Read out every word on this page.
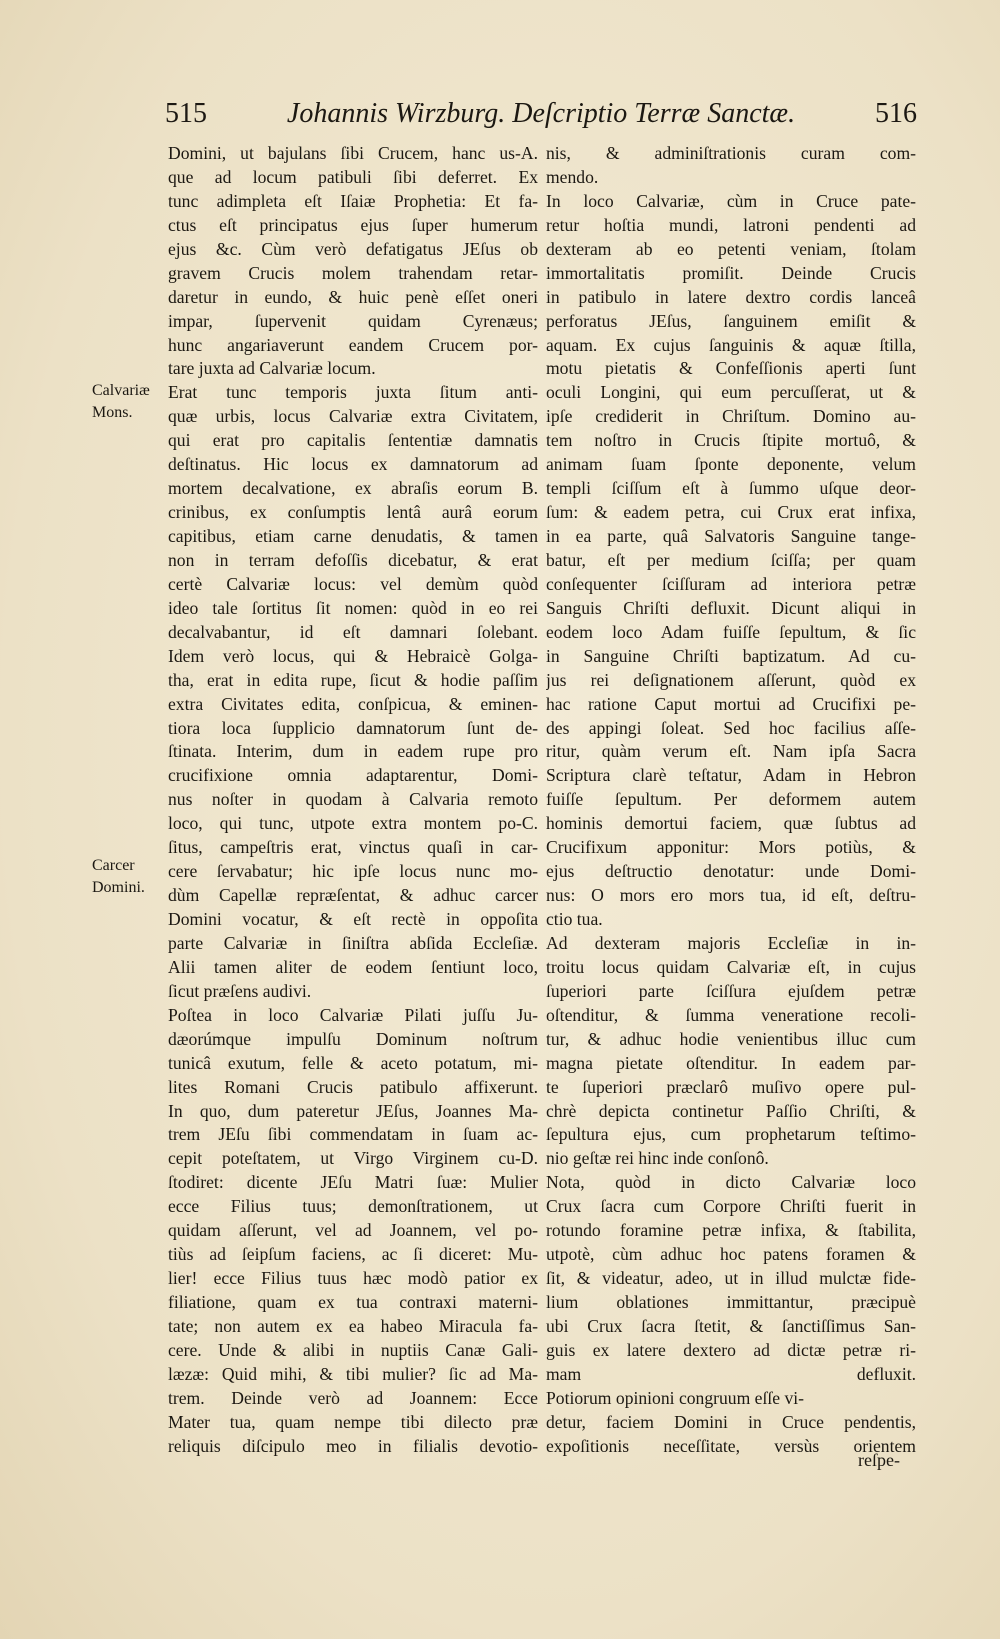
515	Johannis Wirzburg. Deſcriptio Terræ Sanctæ.	516
Calvariæ Mons.
Carcer Domini.
Domini, ut bajulans ſibi Crucem, hanc us-A.
que ad locum patibuli ſibi deferret. Ex
tunc adimpleta eſt Iſaiæ Prophetia: Et fa-
ctus eſt principatus ejus ſuper humerum
ejus &c. Cùm verò defatigatus JEſus ob
gravem Crucis molem trahendam retar-
daretur in eundo, & huic penè eſſet oneri
impar, ſupervenit quidam Cyrenæus;
hunc angariaverunt eandem Crucem por-
tare juxta ad Calvariæ locum.
Erat tunc temporis juxta ſitum anti-
quæ urbis, locus Calvariæ extra Civitatem,
qui erat pro capitalis ſententiæ damnatis
deſtinatus. Hic locus ex damnatorum ad
mortem decalvatione, ex abraſis eorum B.
crinibus, ex conſumptis lentâ aurâ eorum
capitibus, etiam carne denudatis, & tamen
non in terram defoſſis dicebatur, & erat
certè Calvariæ locus: vel demùm quòd
ideo tale ſortitus ſit nomen: quòd in eo rei
decalvabantur, id eſt damnari ſolebant.
Idem verò locus, qui & Hebraicè Golga-
tha, erat in edita rupe, ſicut & hodie paſſim
extra Civitates edita, conſpicua, & eminen-
tiora loca ſupplicio damnatorum ſunt de-
ſtinata. Interim, dum in eadem rupe pro
crucifixione omnia adaptarentur, Domi-
nus noſter in quodam à Calvaria remoto
loco, qui tunc, utpote extra montem po-C.
ſitus, campeſtris erat, vinctus quaſi in car-
cere ſervabatur; hic ipſe locus nunc mo-
dùm Capellæ repræſentat, & adhuc carcer
Domini vocatur, & eſt rectè in oppoſita
parte Calvariæ in ſiniſtra abſida Eccleſiæ.
Alii tamen aliter de eodem ſentiunt loco,
ſicut præſens audivi.
Poſtea in loco Calvariæ Pilati juſſu Ju-
dæorúmque impulſu Dominum noſtrum
tunicâ exutum, felle & aceto potatum, mi-
lites Romani Crucis patibulo affixerunt.
In quo, dum pateretur JEſus, Joannes Ma-
trem JEſu ſibi commendatam in ſuam ac-
cepit poteſtatem, ut Virgo Virginem cu-D.
ſtodiret: dicente JEſu Matri ſuæ: Mulier
ecce Filius tuus; demonſtrationem, ut
quidam aſſerunt, vel ad Joannem, vel po-
tiùs ad ſeipſum faciens, ac ſi diceret: Mu-
lier! ecce Filius tuus hæc modò patior ex
filiatione, quam ex tua contraxi materni-
tate; non autem ex ea habeo Miracula fa-
cere. Unde & alibi in nuptiis Canæ Gali-
læzæ: Quid mihi, & tibi mulier? ſic ad Ma-
trem. Deinde verò ad Joannem: Ecce
Mater tua, quam nempe tibi dilecto præ
reliquis diſcipulo meo in filialis devotio-
nis, & adminiſtrationis curam com-
mendo.
In loco Calvariæ, cùm in Cruce pate-
retur hoſtia mundi, latroni pendenti ad
dexteram ab eo petenti veniam, ſtolam
immortalitatis promiſit. Deinde Crucis
in patibulo in latere dextro cordis lanceâ
perforatus JEſus, ſanguinem emiſit &
aquam. Ex cujus ſanguinis & aquæ ſtilla,
motu pietatis & Confeſſionis aperti ſunt
oculi Longini, qui eum percuſſerat, ut &
ipſe crediderit in Chriſtum. Domino au-
tem noſtro in Crucis ſtipite mortuô, &
animam ſuam ſponte deponente, velum
templi ſciſſum eſt à ſummo uſque deor-
ſum: & eadem petra, cui Crux erat infixa,
in ea parte, quâ Salvatoris Sanguine tange-
batur, eſt per medium ſciſſa; per quam
conſequenter ſciſſuram ad interiora petræ
Sanguis Chriſti defluxit. Dicunt aliqui in
eodem loco Adam fuiſſe ſepultum, & ſic
in Sanguine Chriſti baptizatum. Ad cu-
jus rei deſignationem aſſerunt, quòd ex
hac ratione Caput mortui ad Crucifixi pe-
des appingi ſoleat. Sed hoc facilius aſſe-
ritur, quàm verum eſt. Nam ipſa Sacra
Scriptura clarè teſtatur, Adam in Hebron
fuiſſe ſepultum. Per deformem autem
hominis demortui faciem, quæ ſubtus ad
Crucifixum apponitur: Mors potiùs, &
ejus deſtructio denotatur: unde Domi-
nus: O mors ero mors tua, id eſt, deſtru-
ctio tua.
Ad dexteram majoris Eccleſiæ in in-
troitu locus quidam Calvariæ eſt, in cujus
ſuperiori parte ſciſſura ejuſdem petræ
oſtenditur, & ſumma veneratione recoli-
tur, & adhuc hodie venientibus illuc cum
magna pietate oſtenditur. In eadem par-
te ſuperiori præclarô muſivo opere pul-
chrè depicta continetur Paſſio Chriſti, &
ſepultura ejus, cum prophetarum teſtimo-
nio geſtæ rei hinc inde conſonô.
Nota, quòd in dicto Calvariæ loco
Crux ſacra cum Corpore Chriſti fuerit in
rotundo foramine petræ infixa, & ſtabilita,
utpotè, cùm adhuc hoc patens foramen &
ſit, & videatur, adeo, ut in illud mulctæ fide-
lium oblationes immittantur, præcipuè
ubi Crux ſacra ſtetit, & ſanctiſſimus San-
guis ex latere dextero ad dictæ petræ ri-
mam defluxit.
Potiorum opinioni congruum eſſe vi-
detur, faciem Domini in Cruce pendentis,
expoſitionis neceſſitate, versùs orientem
reſpe-
